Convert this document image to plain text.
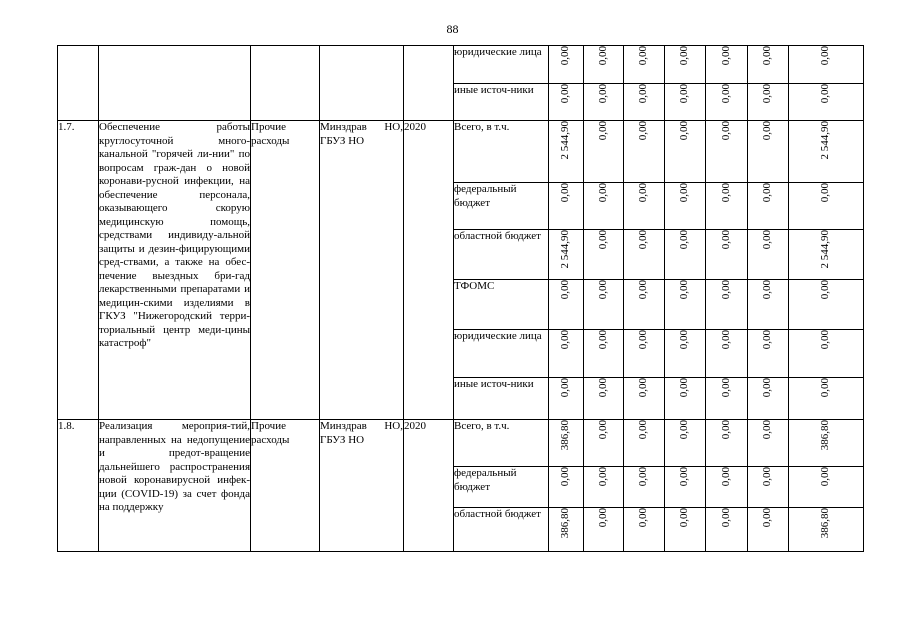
88
					юридические лица	0,00	0,00	0,00	0,00	0,00	0,00	0,00
					иные источ-ники	0,00	0,00	0,00	0,00	0,00	0,00	0,00
1.7.	Обеспечение работы круглосуточной много-канальной "горячей ли-нии" по вопросам граж-дан о новой коронави-русной инфекции, на обеспечение персонала, оказывающего скорую медицинскую помощь, средствами индивиду-альной защиты и дезин-фицирующими сред-ствами, а также на обес-печение выездных бри-гад лекарственными препаратами и медицин-скими изделиями в ГКУЗ "Нижегородский терри-ториальный центр меди-цины катастроф"	Прочие расходы	Минздрав НО, ГБУЗ НО	2020	Всего, в т.ч.	2 544,90	0,00	0,00	0,00	0,00	0,00	2 544,90
					федеральный бюджет	0,00	0,00	0,00	0,00	0,00	0,00	0,00
					областной бюджет	2 544,90	0,00	0,00	0,00	0,00	0,00	2 544,90
					ТФОМС	0,00	0,00	0,00	0,00	0,00	0,00	0,00
					юридические лица	0,00	0,00	0,00	0,00	0,00	0,00	0,00
					иные источ-ники	0,00	0,00	0,00	0,00	0,00	0,00	0,00
1.8.	Реализация мероприя-тий, направленных на недопущение и предот-вращение дальнейшего распространения новой коронавирусной инфек-ции (COVID-19) за счет фонда на поддержку	Прочие расходы	Минздрав НО, ГБУЗ НО	2020	Всего, в т.ч.	386,80	0,00	0,00	0,00	0,00	0,00	386,80
					федеральный бюджет	0,00	0,00	0,00	0,00	0,00	0,00	0,00
					областной бюджет	386,80	0,00	0,00	0,00	0,00	0,00	386,80
